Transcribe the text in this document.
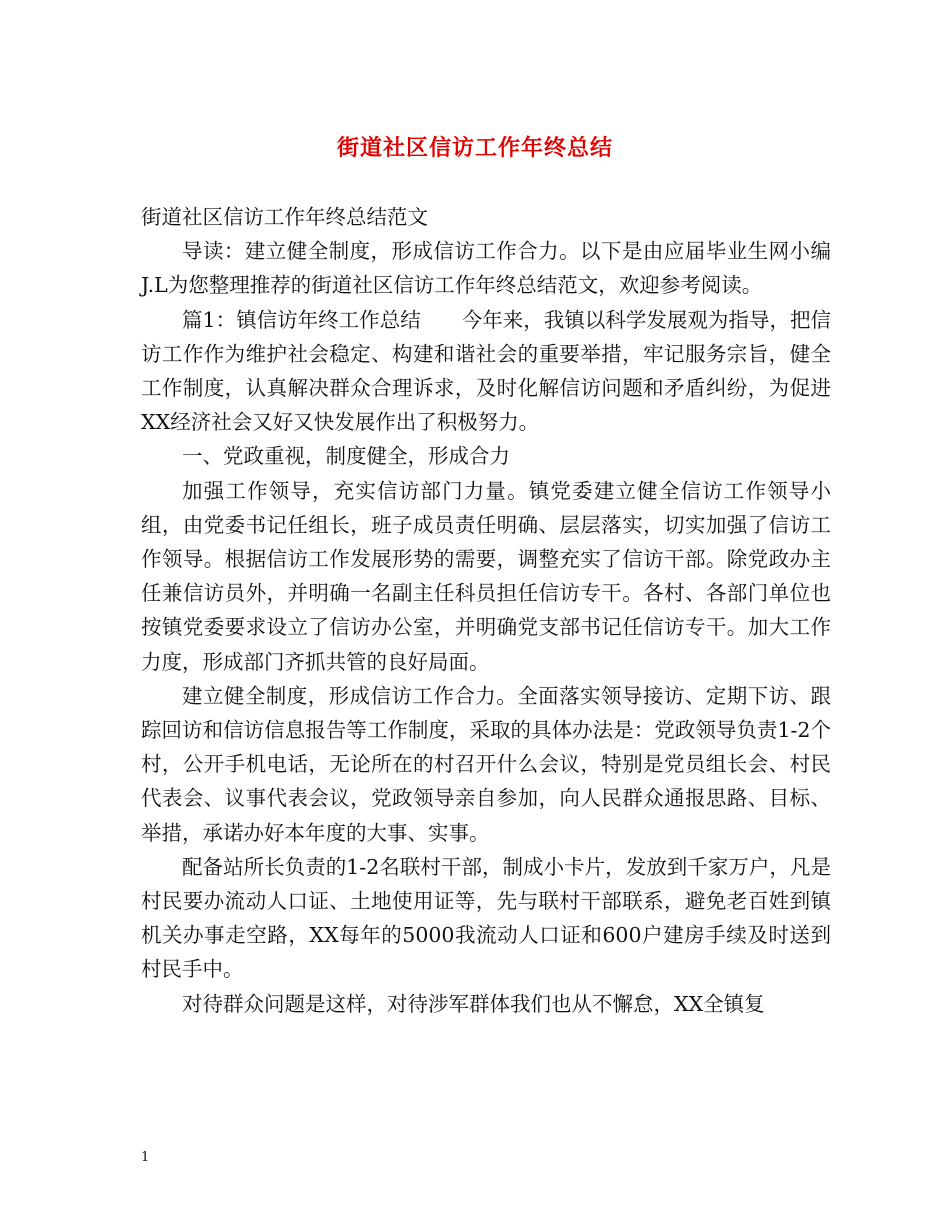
街道社区信访工作年终总结

街道社区信访工作年终总结范文

导读：建立健全制度，形成信访工作合力。以下是由应届毕业生网小编J.L为您整理推荐的街道社区信访工作年终总结范文，欢迎参考阅读。

篇1：镇信访年终工作总结　　今年来，我镇以科学发展观为指导，把信访工作作为维护社会稳定、构建和谐社会的重要举措，牢记服务宗旨，健全工作制度，认真解决群众合理诉求，及时化解信访问题和矛盾纠纷，为促进XX经济社会又好又快发展作出了积极努力。

一、党政重视，制度健全，形成合力

加强工作领导，充实信访部门力量。镇党委建立健全信访工作领导小组，由党委书记任组长，班子成员责任明确、层层落实，切实加强了信访工作领导。根据信访工作发展形势的需要，调整充实了信访干部。除党政办主任兼信访员外，并明确一名副主任科员担任信访专干。各村、各部门单位也按镇党委要求设立了信访办公室，并明确党支部书记任信访专干。加大工作力度，形成部门齐抓共管的良好局面。

建立健全制度，形成信访工作合力。全面落实领导接访、定期下访、跟踪回访和信访信息报告等工作制度，采取的具体办法是：党政领导负责1-2个村，公开手机电话，无论所在的村召开什么会议，特别是党员组长会、村民代表会、议事代表会议，党政领导亲自参加，向人民群众通报思路、目标、举措，承诺办好本年度的大事、实事。

配备站所长负责的1-2名联村干部，制成小卡片，发放到千家万户，凡是村民要办流动人口证、土地使用证等，先与联村干部联系，避免老百姓到镇机关办事走空路，XX每年的5000我流动人口证和600户建房手续及时送到村民手中。

对待群众问题是这样，对待涉军群体我们也从不懈怠，XX全镇复

1
